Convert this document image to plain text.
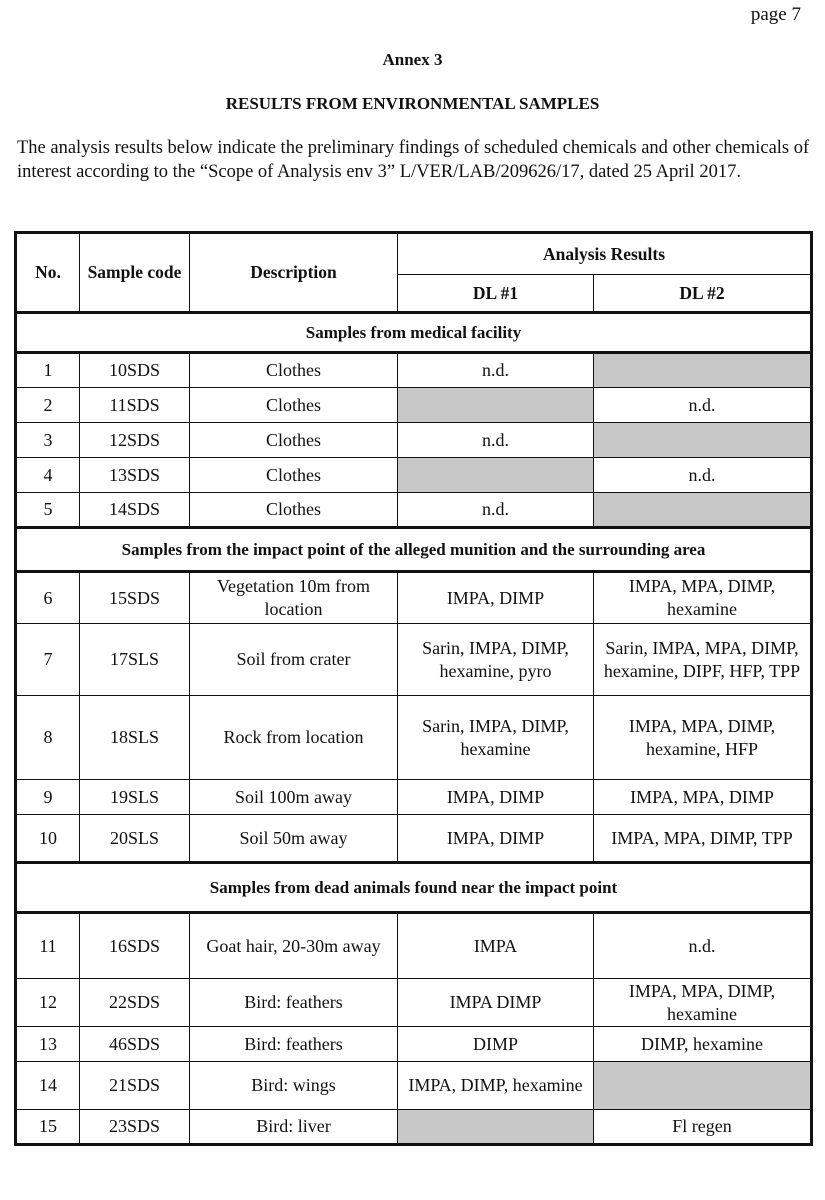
page 7
Annex 3
RESULTS FROM ENVIRONMENTAL SAMPLES
The analysis results below indicate the preliminary findings of scheduled chemicals and other chemicals of interest according to the “Scope of Analysis env 3” L/VER/LAB/209626/17, dated 25 April 2017.
No.	Sample code	Description	Analysis Results	
			DL #1	DL #2
Samples from medical facility				
1	10SDS	Clothes	n.d.	
2	11SDS	Clothes		n.d.
3	12SDS	Clothes	n.d.	
4	13SDS	Clothes		n.d.
5	14SDS	Clothes	n.d.	
Samples from the impact point of the alleged munition and the surrounding area				
6	15SDS	Vegetation 10m from location	IMPA, DIMP	IMPA, MPA, DIMP, hexamine
7	17SLS	Soil from crater	Sarin, IMPA, DIMP, hexamine, pyro	Sarin, IMPA, MPA, DIMP, hexamine, DIPF, HFP, TPP
8	18SLS	Rock from location	Sarin, IMPA, DIMP, hexamine	IMPA, MPA, DIMP, hexamine, HFP
9	19SLS	Soil 100m away	IMPA, DIMP	IMPA, MPA, DIMP
10	20SLS	Soil 50m away	IMPA, DIMP	IMPA, MPA, DIMP, TPP
Samples from dead animals found near the impact point				
11	16SDS	Goat hair, 20-30m away	IMPA	n.d.
12	22SDS	Bird: feathers	IMPA DIMP	IMPA, MPA, DIMP, hexamine
13	46SDS	Bird: feathers	DIMP	DIMP, hexamine
14	21SDS	Bird: wings	IMPA, DIMP, hexamine	
15	23SDS	Bird: liver		Fl regen
